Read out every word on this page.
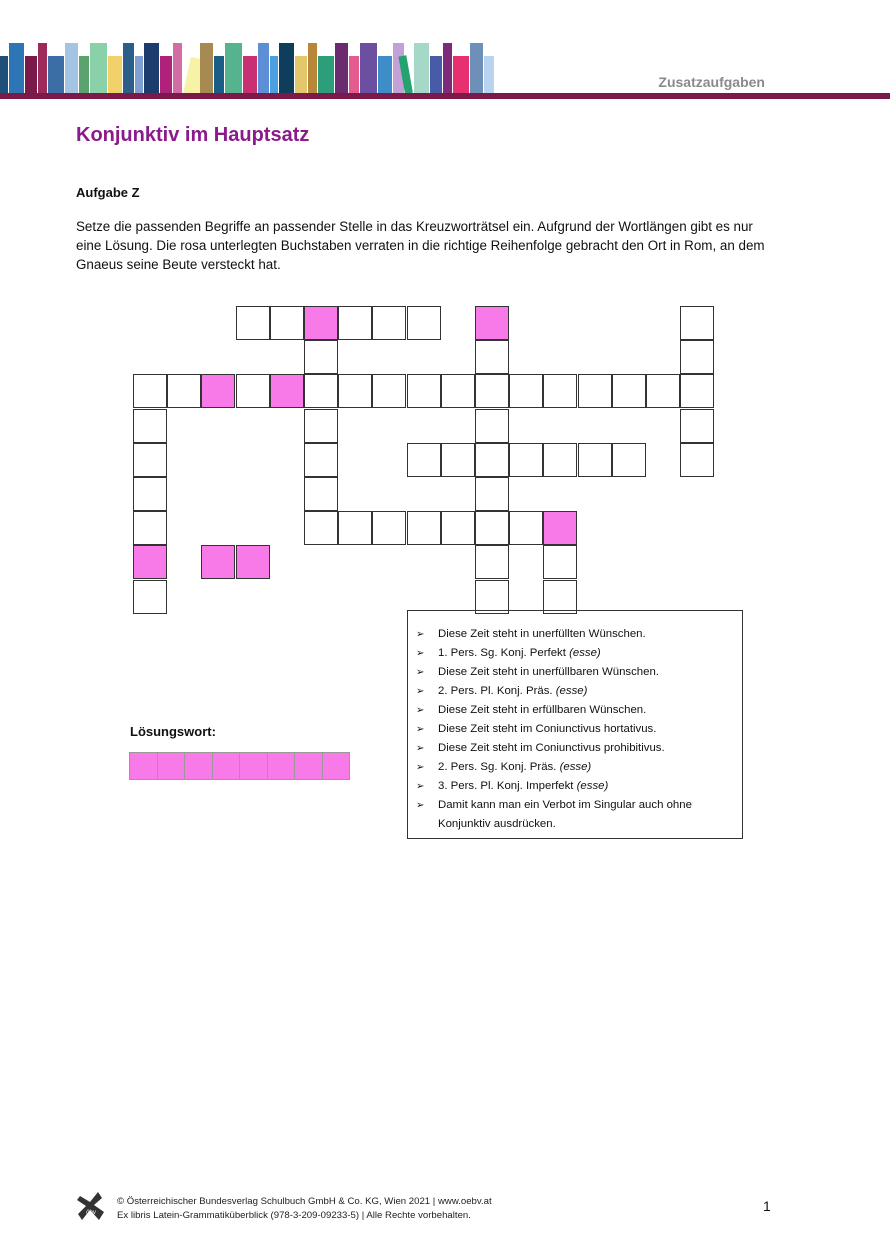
Zusatzaufgaben
Konjunktiv im Hauptsatz
Aufgabe Z
Setze die passenden Begriffe an passender Stelle in das Kreuzworträtsel ein. Aufgrund der Wortlängen gibt es nur eine Lösung. Die rosa unterlegten Buchstaben verraten in die richtige Reihenfolge gebracht den Ort in Rom, an dem Gnaeus seine Beute versteckt hat.
➢	Diese Zeit steht in unerfüllten Wünschen.
➢	1. Pers. Sg. Konj. Perfekt (esse)
➢	Diese Zeit steht in unerfüllbaren Wünschen.
➢	2. Pers. Pl. Konj. Präs. (esse)
➢	Diese Zeit steht in erfüllbaren Wünschen.
➢	Diese Zeit steht im Coniunctivus hortativus.
➢	Diese Zeit steht im Coniunctivus prohibitivus.
➢	2. Pers. Sg. Konj. Präs. (esse)
➢	3. Pers. Pl. Konj. Imperfekt (esse)
➢	Damit kann man ein Verbot im Singular auch ohne Konjunktiv ausdrücken.
Lösungswort:
öbv
© Österreichischer Bundesverlag Schulbuch GmbH & Co. KG, Wien 2021 | www.oebv.at
Ex libris Latein-Grammatiküberblick (978-3-209-09233-5) | Alle Rechte vorbehalten.
1
